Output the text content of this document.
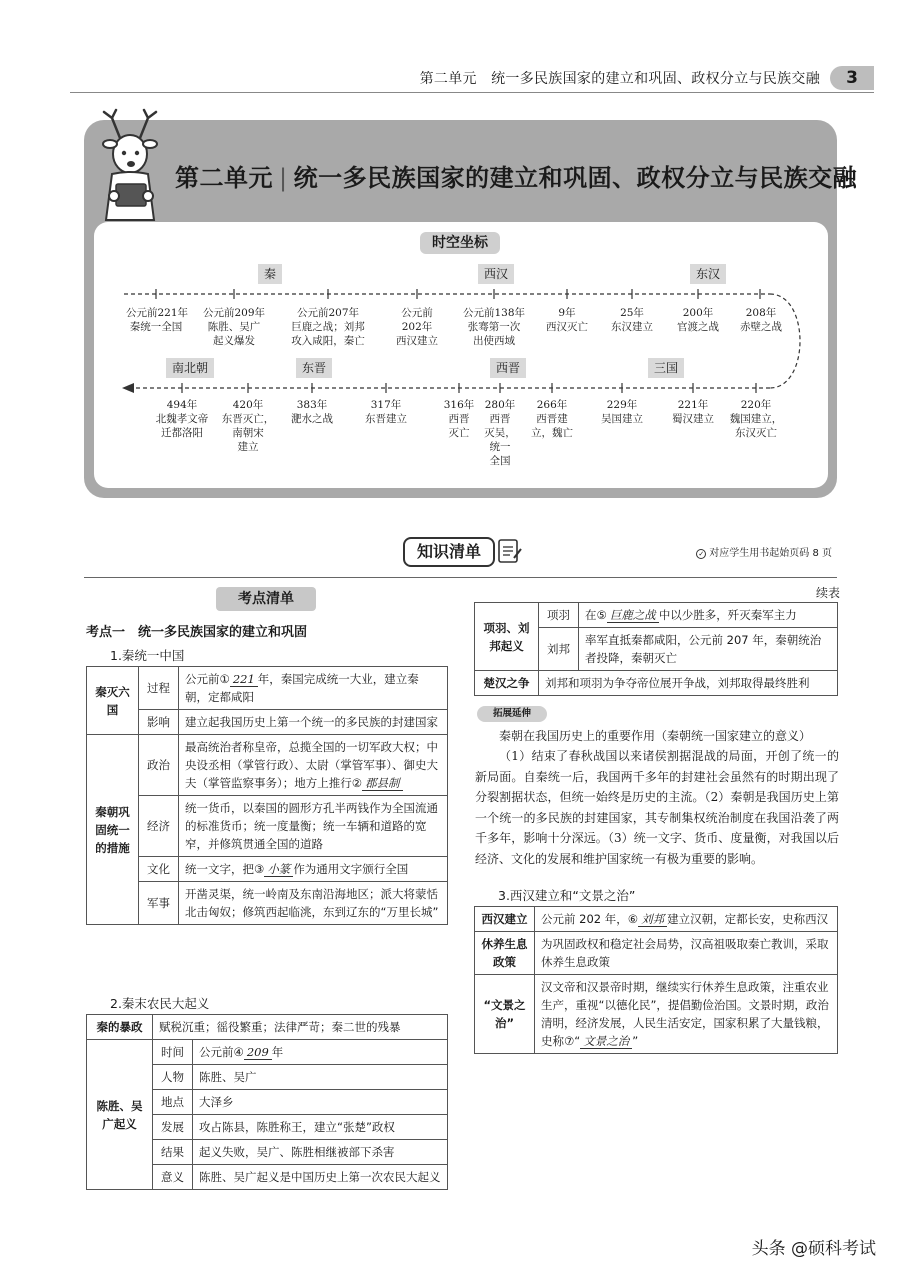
第二单元　统一多民族国家的建立和巩固、政权分立与民族交融	3
第二单元 | 统一多民族国家的建立和巩固、政权分立与民族交融
时空坐标
秦	西汉	东汉
南北朝	东晋	西晋	三国
公元前221年
秦统一全国
公元前209年
陈胜、吴广
起义爆发
公元前207年
巨鹿之战；刘邦
攻入咸阳，秦亡
公元前
202年
西汉建立
公元前138年
张骞第一次
出使西域
9年
西汉灭亡
25年
东汉建立
200年
官渡之战
208年
赤壁之战
494年
北魏孝文帝
迁都洛阳
420年
东晋灭亡，
南朝宋
建立
383年
淝水之战
317年
东晋建立
316年
西晋
灭亡
280年
西晋
灭吴，
统一
全国
266年
西晋建
立，魏亡
229年
吴国建立
221年
蜀汉建立
220年
魏国建立，
东汉灭亡
知识清单	✓ 对应学生用书起始页码 8 页
考点清单
考点一　统一多民族国家的建立和巩固
1.秦统一中国
秦灭六国	过程	公元前① 221 年，秦国完成统一大业，建立秦朝，定都咸阳
	影响	建立起我国历史上第一个统一的多民族的封建国家
秦朝巩固统一的措施	政治	最高统治者称皇帝，总揽全国的一切军政大权；中央设丞相（掌管行政）、太尉（掌管军事）、御史大夫（掌管监察事务）；地方上推行② 郡县制
	经济	统一货币，以秦国的圆形方孔半两钱作为全国流通的标准货币；统一度量衡；统一车辆和道路的宽窄，并修筑贯通全国的道路
	文化	统一文字，把③ 小篆 作为通用文字颁行全国
	军事	开凿灵渠，统一岭南及东南沿海地区；派大将蒙恬北击匈奴；修筑西起临洮，东到辽东的“万里长城”
2.秦末农民大起义
秦的暴政	赋税沉重；徭役繁重；法律严苛；秦二世的残暴	
陈胜、吴广起义	时间	公元前④ 209 年
	人物	陈胜、吴广
	地点	大泽乡
	发展	攻占陈县，陈胜称王，建立“张楚”政权
	结果	起义失败，吴广、陈胜相继被部下杀害
	意义	陈胜、吴广起义是中国历史上第一次农民大起义
续表
项羽、刘邦起义	项羽	在⑤ 巨鹿之战 中以少胜多，歼灭秦军主力
	刘邦	率军直抵秦都咸阳，公元前 207 年，秦朝统治者投降，秦朝灭亡
楚汉之争	刘邦和项羽为争夺帝位展开争战，刘邦取得最终胜利	
拓展延伸
秦朝在我国历史上的重要作用（秦朝统一国家建立的意义）
（1）结束了春秋战国以来诸侯割据混战的局面，开创了统一的新局面。自秦统一后，我国两千多年的封建社会虽然有的时期出现了分裂割据状态，但统一始终是历史的主流。（2）秦朝是我国历史上第一个统一的多民族的封建国家，其专制集权统治制度在我国沿袭了两千多年，影响十分深远。（3）统一文字、货币、度量衡，对我国以后经济、文化的发展和维护国家统一有极为重要的影响。
3.西汉建立和“文景之治”
西汉建立	公元前 202 年，⑥ 刘邦 建立汉朝，定都长安，史称西汉
休养生息政策	为巩固政权和稳定社会局势，汉高祖吸取秦亡教训，采取休养生息政策
“文景之治”	汉文帝和汉景帝时期，继续实行休养生息政策，注重农业生产，重视“以德化民”，提倡勤俭治国。文景时期，政治清明，经济发展，人民生活安定，国家积累了大量钱粮，史称⑦“ 文景之治 ”
头条 @硕科考试
